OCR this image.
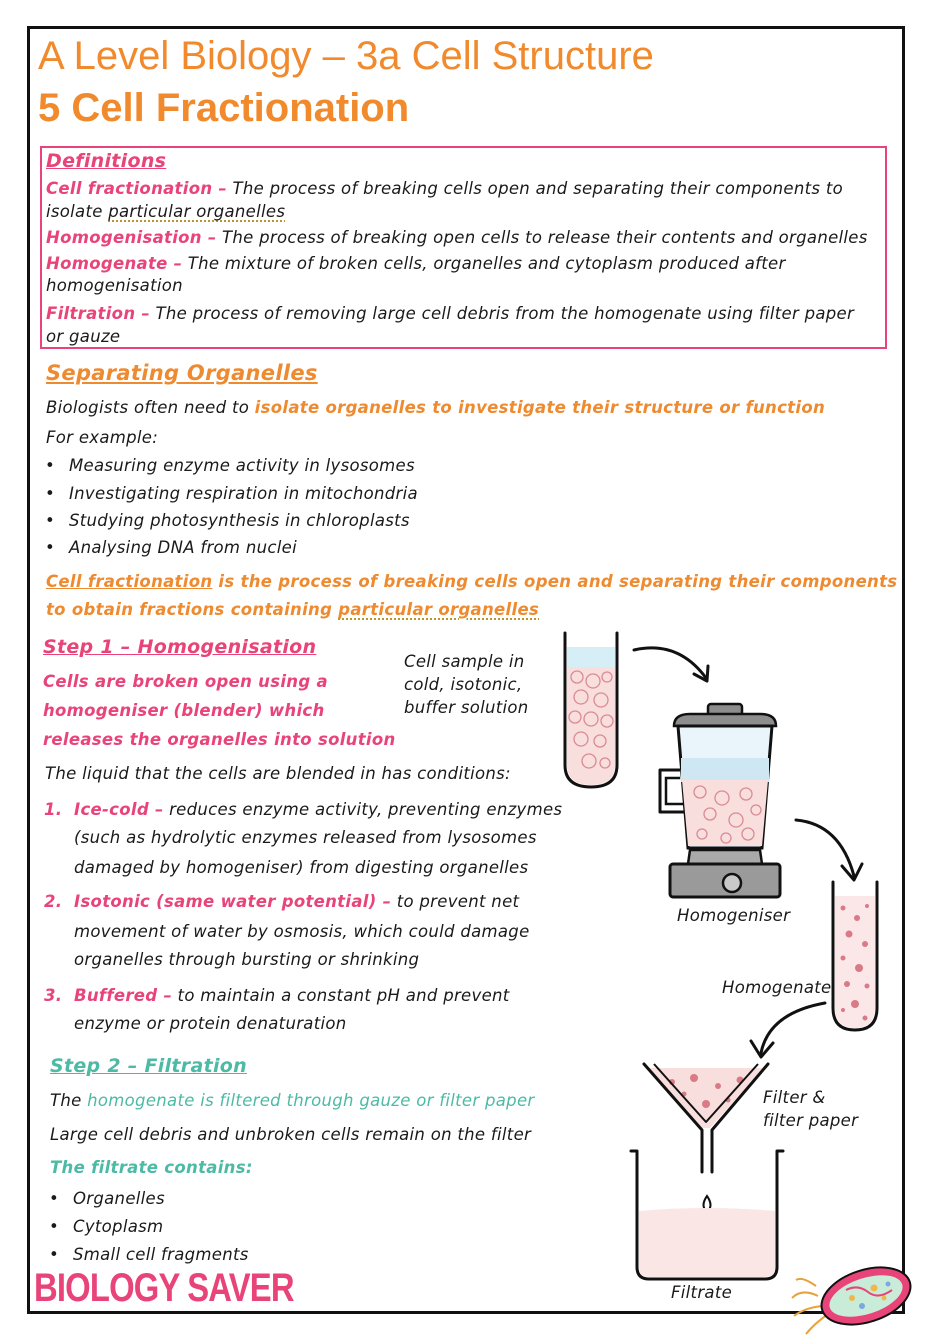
A Level Biology – 3a Cell Structure
5 Cell Fractionation
Definitions
Cell fractionation – The process of breaking cells open and separating their components to
isolate particular organelles
Homogenisation – The process of breaking open cells to release their contents and organelles
Homogenate – The mixture of broken cells, organelles and cytoplasm produced after
homogenisation
Filtration – The process of removing large cell debris from the homogenate using filter paper
or gauze
Separating Organelles
Biologists often need to isolate organelles to investigate their structure or function
For example:
• Measuring enzyme activity in lysosomes
• Investigating respiration in mitochondria
• Studying photosynthesis in chloroplasts
• Analysing DNA from nuclei
Cell fractionation is the process of breaking cells open and separating their components
to obtain fractions containing particular organelles
Step 1 – Homogenisation
Cells are broken open using a
homogeniser (blender) which
releases the organelles into solution
Cell sample in
cold, isotonic,
buffer solution
The liquid that the cells are blended in has conditions:
1. Ice-cold – reduces enzyme activity, preventing enzymes
(such as hydrolytic enzymes released from lysosomes
damaged by homogeniser) from digesting organelles
2. Isotonic (same water potential) – to prevent net
movement of water by osmosis, which could damage
organelles through bursting or shrinking
3. Buffered – to maintain a constant pH and prevent
enzyme or protein denaturation
Step 2 – Filtration
The homogenate is filtered through gauze or filter paper
Large cell debris and unbroken cells remain on the filter
The filtrate contains:
• Organelles
• Cytoplasm
• Small cell fragments
Homogeniser
Homogenate
Filter &
filter paper
Filtrate
BIOLOGY SAVER
